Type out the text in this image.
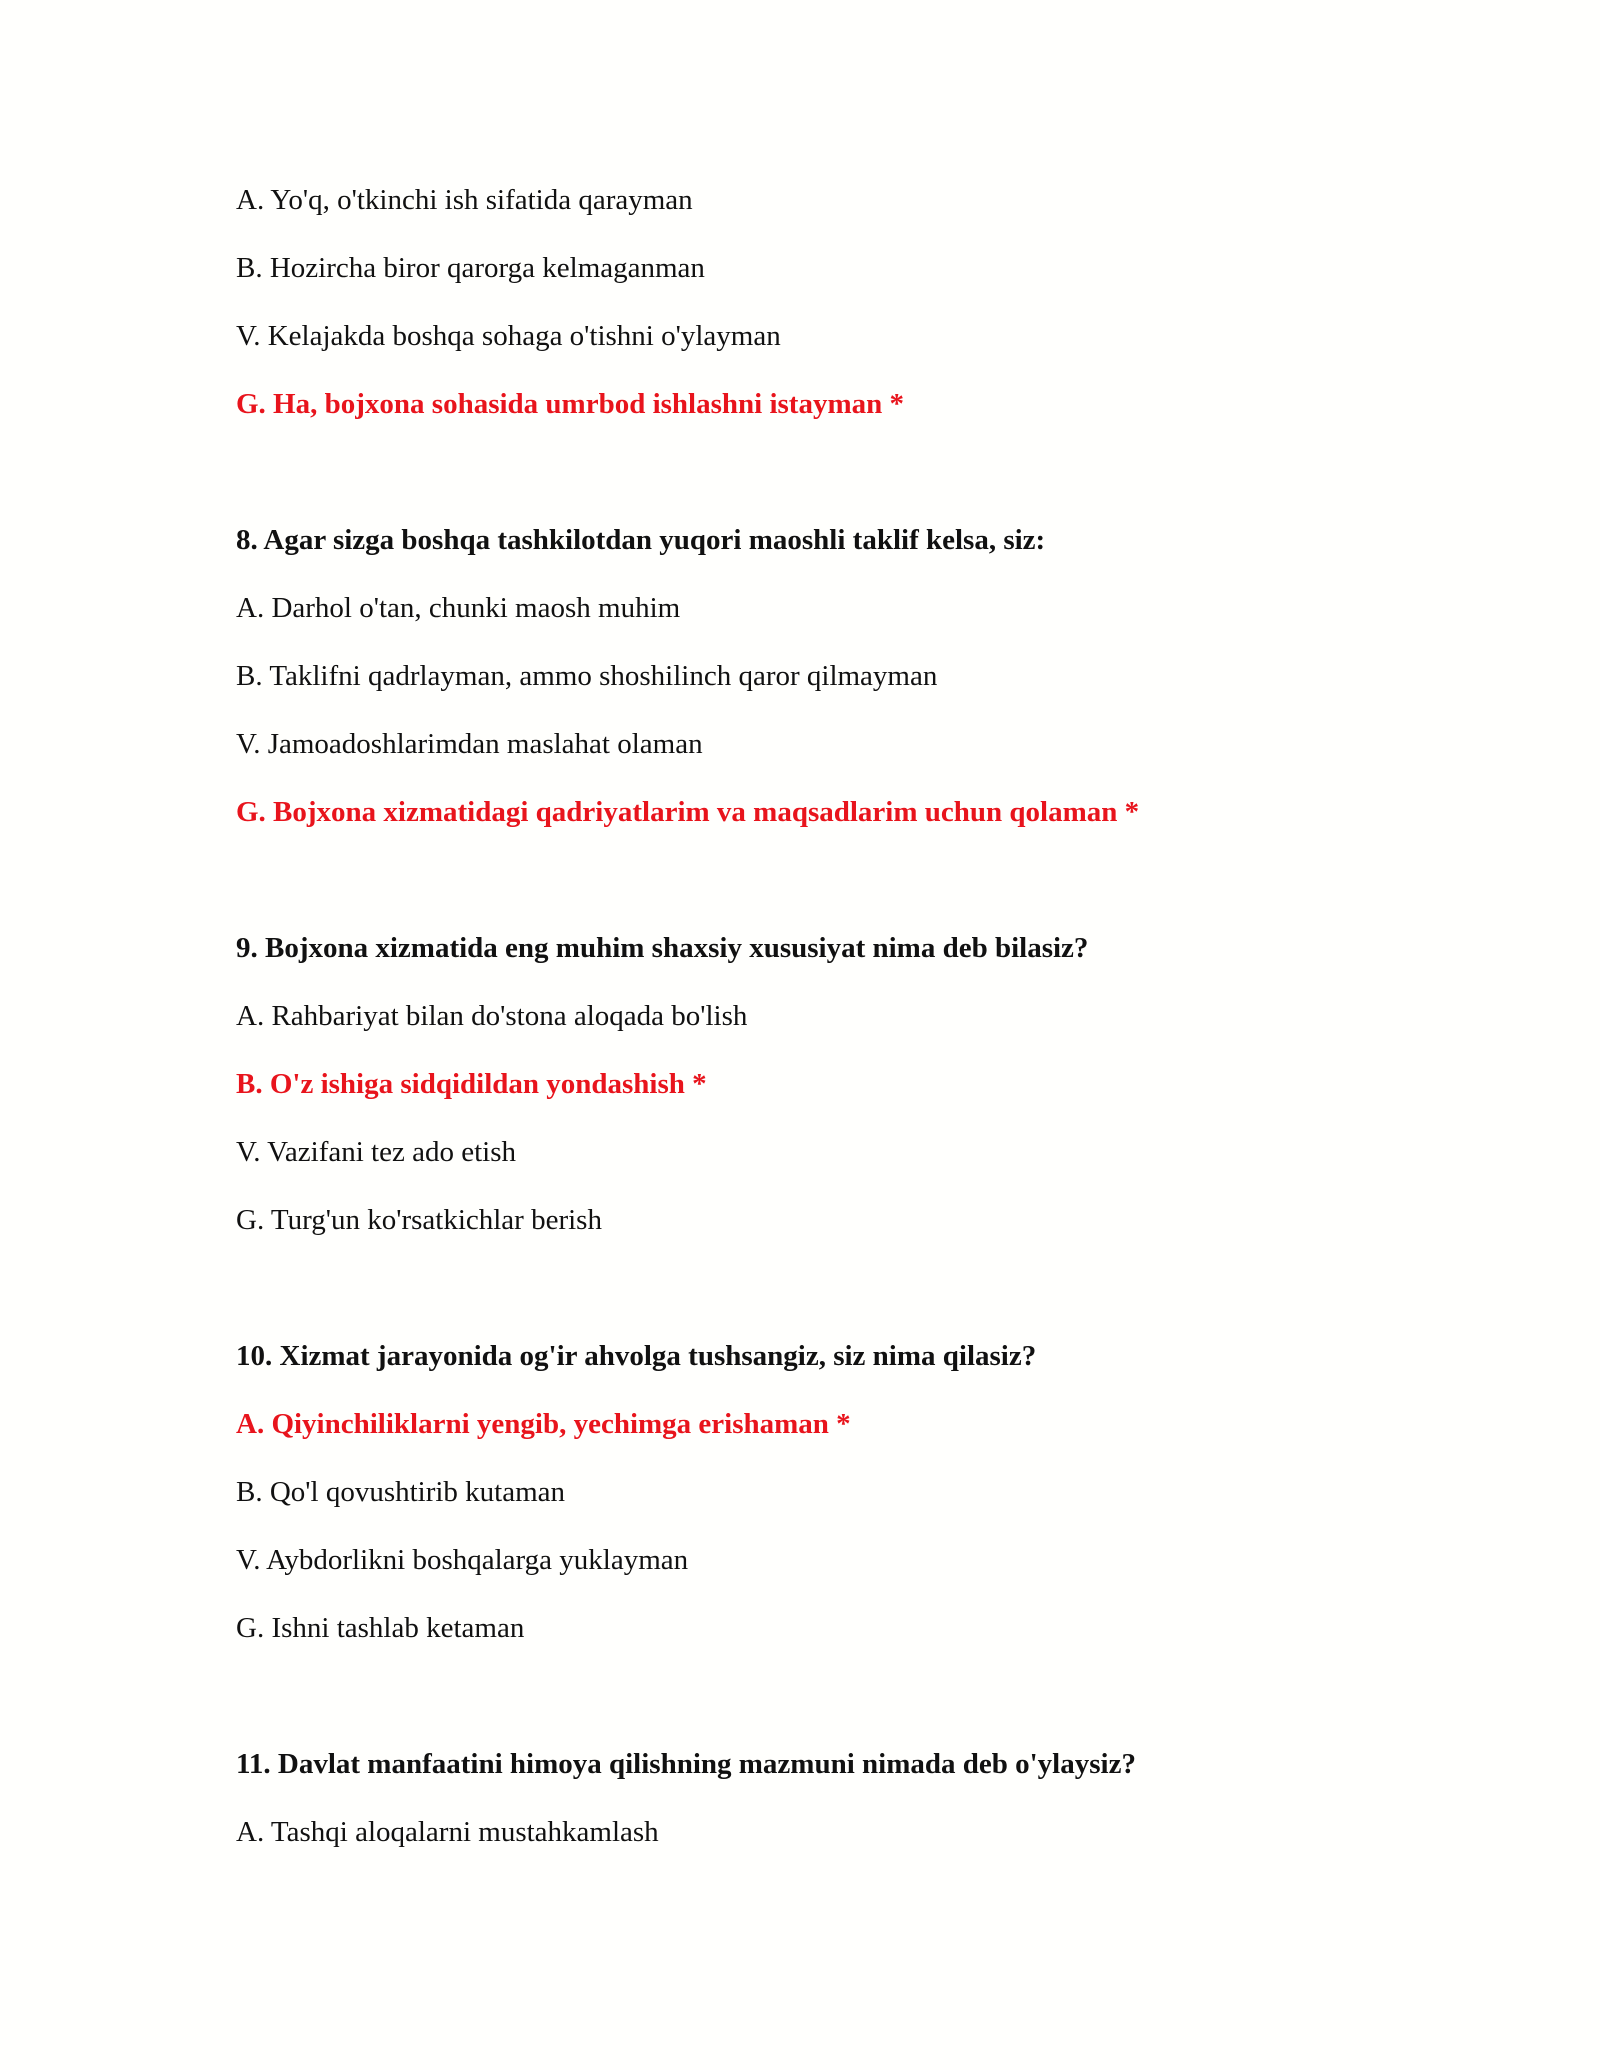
A. Yo'q, o'tkinchi ish sifatida qarayman
B. Hozircha biror qarorga kelmaganman
V. Kelajakda boshqa sohaga o'tishni o'ylayman
G. Ha, bojxona sohasida umrbod ishlashni istayman *
8. Agar sizga boshqa tashkilotdan yuqori maoshli taklif kelsa, siz:
A. Darhol o'tan, chunki maosh muhim
B. Taklifni qadrlayman, ammo shoshilinch qaror qilmayman
V. Jamoadoshlarimdan maslahat olaman
G. Bojxona xizmatidagi qadriyatlarim va maqsadlarim uchun qolaman *
9. Bojxona xizmatida eng muhim shaxsiy xususiyat nima deb bilasiz?
A. Rahbariyat bilan do'stona aloqada bo'lish
B. O'z ishiga sidqidildan yondashish *
V. Vazifani tez ado etish
G. Turg'un ko'rsatkichlar berish
10. Xizmat jarayonida og'ir ahvolga tushsangiz, siz nima qilasiz?
A. Qiyinchiliklarni yengib, yechimga erishaman *
B. Qo'l qovushtirib kutaman
V. Aybdorlikni boshqalarga yuklayman
G. Ishni tashlab ketaman
11. Davlat manfaatini himoya qilishning mazmuni nimada deb o'ylaysiz?
A. Tashqi aloqalarni mustahkamlash
